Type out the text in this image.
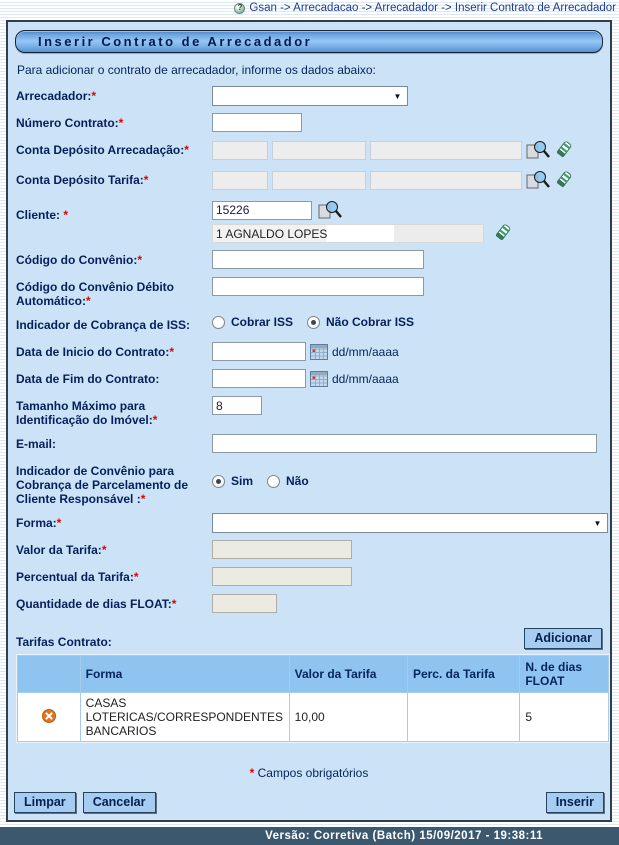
? Gsan -> Arrecadacao -> Arrecadador -> Inserir Contrato de Arrecadador
Inserir Contrato de Arrecadador
Para adicionar o contrato de arrecadador, informe os dados abaixo:
Arrecadador:*	▼
Número Contrato:*
Conta Depósito Arrecadação:*
Conta Depósito Tarifa:*
Cliente: *
15226
1 AGNALDO LOPES
Código do Convênio:*
Código do Convênio Débito Automático:*
Indicador de Cobrança de ISS:	Cobrar ISS	Não Cobrar ISS
Data de Inicio do Contrato:*	dd/mm/aaaa
Data de Fim do Contrato:	dd/mm/aaaa
Tamanho Máximo para Identificação do Imóvel:*
8
E-mail:
Indicador de Convênio para Cobrança de Parcelamento de Cliente Responsável :*
Sim	Não
Forma:*	▼
Valor da Tarifa:*
Percentual da Tarifa:*
Quantidade de dias FLOAT:*
Tarifas Contrato:	Adicionar
	Forma	Valor da Tarifa	Perc. da Tarifa	N. de dias FLOAT

	CASAS LOTERICAS/CORRESPONDENTES BANCARIOS	10,00		5
* Campos obrigatórios
Limpar	Cancelar	Inserir
Versão: Corretiva (Batch) 15/09/2017 - 19:38:11
